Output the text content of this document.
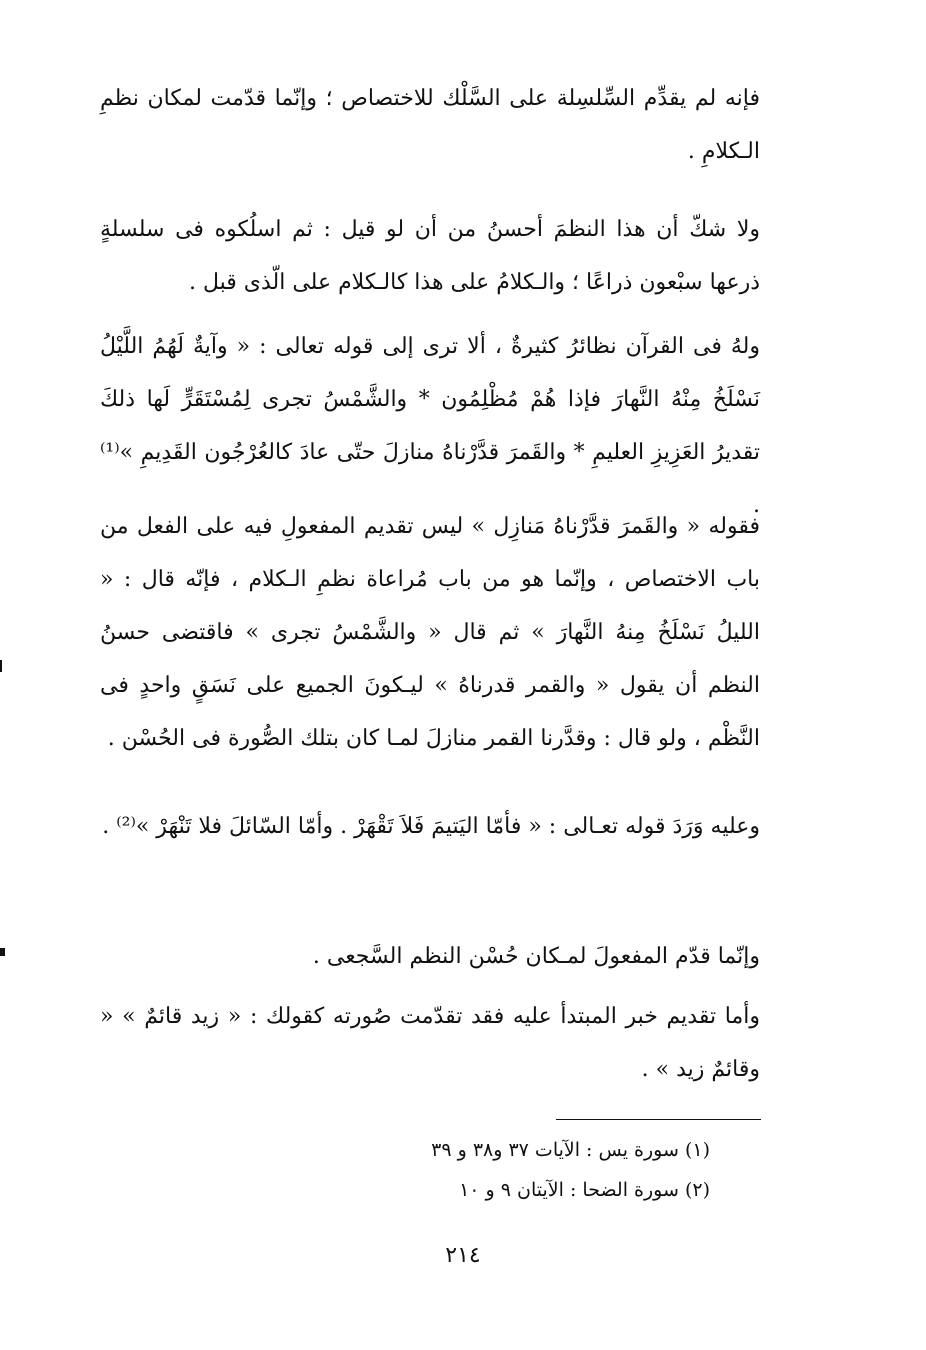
فإنه لم يقدِّم السِّلسِلة على السَّلْك للاختصاص ؛ وإنّما قدّمت لمكان نظمِ الـكلامِ .

ولا شكّ أن هذا النظمَ أحسنُ من أن لو قيل : ثم اسلُكوه فى سلسلةٍ ذرعها سبْعون ذراعًا ؛ والـكلامُ على هذا كالـكلام على الّذى قبل .

ولهُ فى القرآن نظائرُ كثيرةٌ ، ألا ترى إلى قوله تعالى : « وآيةٌ لَهُمُ اللَّيْلُ نَسْلَخُ مِنْهُ النَّهارَ فإذا هُمْ مُظْلِمُون * والشَّمْسُ تجرى لِمُسْتَقَرٍّ لَها ذلكَ تقديرُ العَزِيزِ العليمِ * والقَمرَ قدَّرْناهُ منازلَ حتّى عادَ كالعُرْجُون القَدِيمِ »⁽¹⁾ .

فقوله « والقَمرَ قدَّرْناهُ مَنازِل » ليس تقديم المفعولِ فيه على الفعل من باب الاختصاص ، وإنّما هو من باب مُراعاة نظمِ الـكلام ، فإنّه قال : « الليلُ نَسْلَخُ مِنهُ النَّهارَ » ثم قال « والشَّمْسُ تجرى » فاقتضى حسنُ النظم أن يقول « والقمر قدرناهُ » ليـكونَ الجميع على نَسَقٍ واحدٍ فى النَّظْم ، ولو قال : وقدَّرنا القمر منازلَ لمـا كان بتلك الصُّورة فى الحُسْن .

وعليه وَرَدَ قوله تعـالى : « فأمّا اليَتيمَ فَلاَ تَقْهَرْ . وأمّا السّائلَ فلا تَنْهَرْ »⁽²⁾ .

وإنّما قدّم المفعولَ لمـكان حُسْن النظم السَّجعى .

وأما تقديم خبر المبتدأ عليه فقد تقدّمت صُورته كقولك : « زيد قائمٌ » « وقائمٌ زيد » .

(١) سورة يس : الآيات ٣٧ و٣٨ و ٣٩
(٢) سورة الضحا : الآيتان ٩ و ١٠
٢١٤
